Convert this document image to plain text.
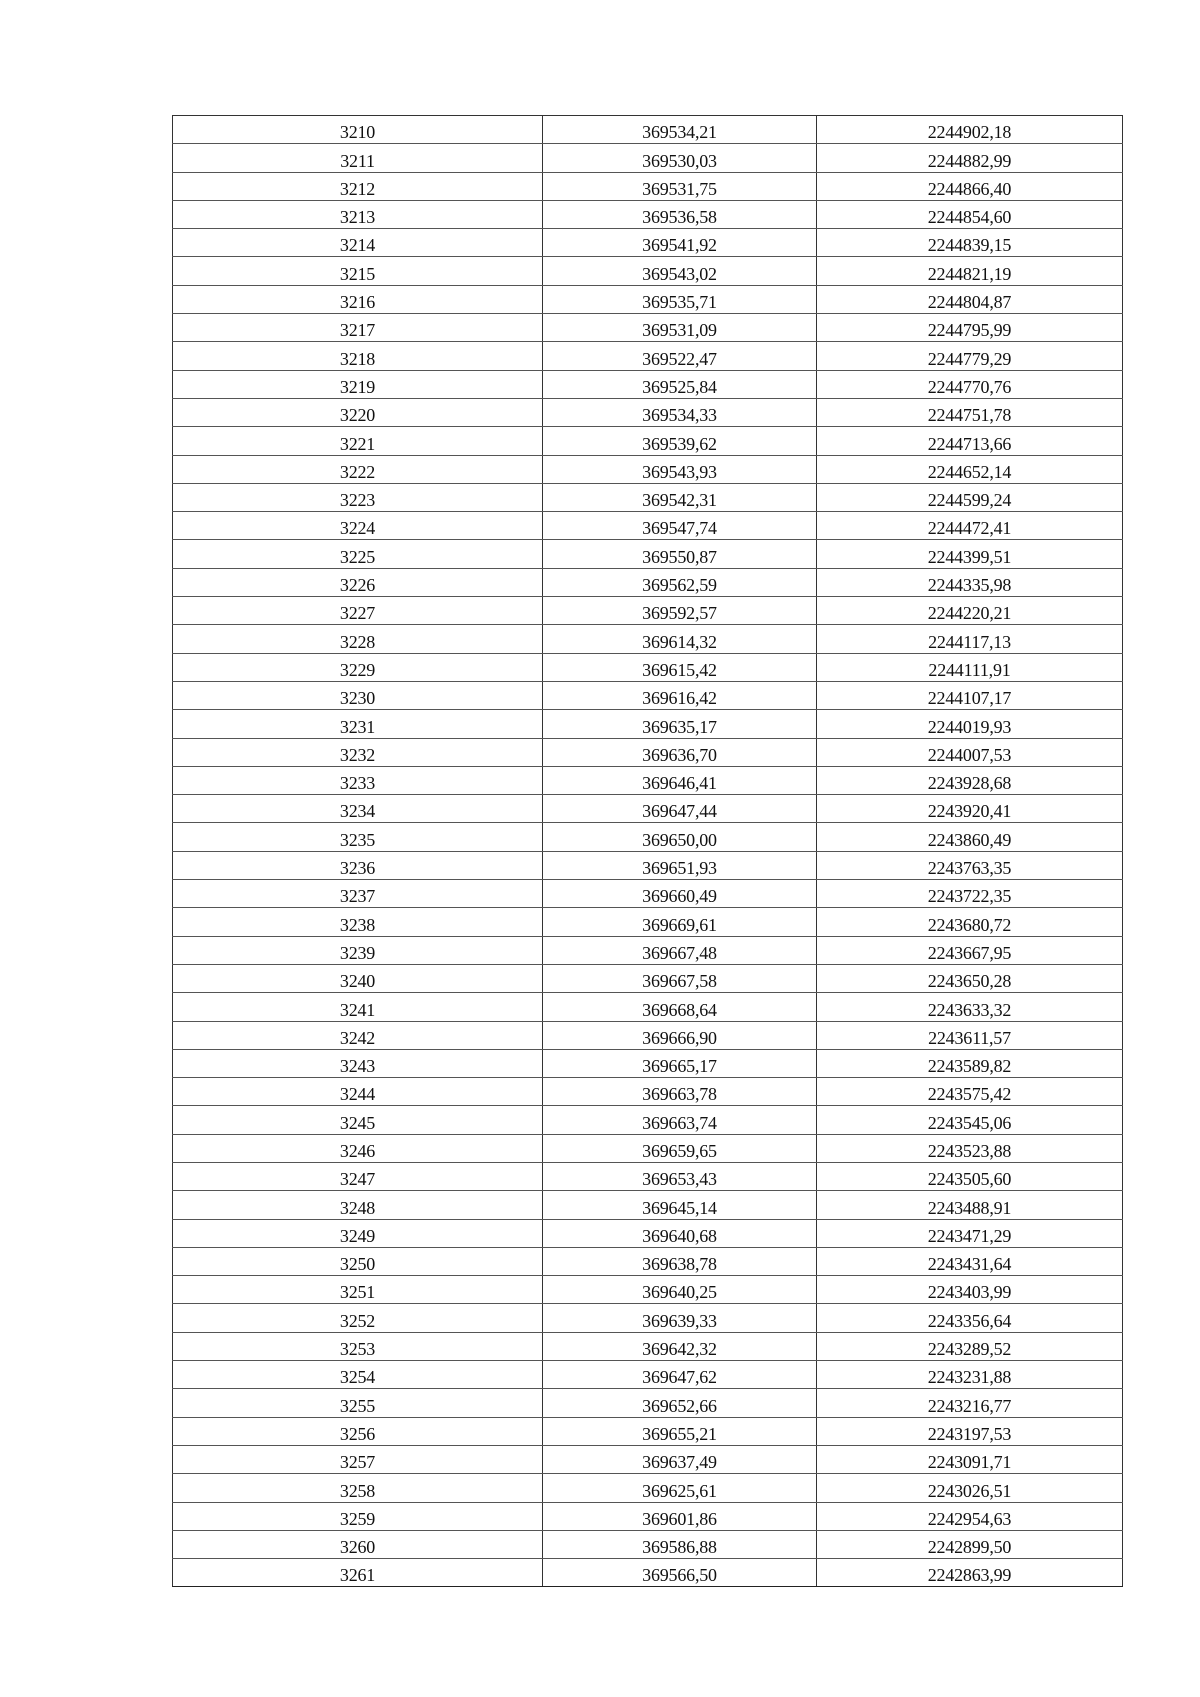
3210	369534,21	2244902,18
3211	369530,03	2244882,99
3212	369531,75	2244866,40
3213	369536,58	2244854,60
3214	369541,92	2244839,15
3215	369543,02	2244821,19
3216	369535,71	2244804,87
3217	369531,09	2244795,99
3218	369522,47	2244779,29
3219	369525,84	2244770,76
3220	369534,33	2244751,78
3221	369539,62	2244713,66
3222	369543,93	2244652,14
3223	369542,31	2244599,24
3224	369547,74	2244472,41
3225	369550,87	2244399,51
3226	369562,59	2244335,98
3227	369592,57	2244220,21
3228	369614,32	2244117,13
3229	369615,42	2244111,91
3230	369616,42	2244107,17
3231	369635,17	2244019,93
3232	369636,70	2244007,53
3233	369646,41	2243928,68
3234	369647,44	2243920,41
3235	369650,00	2243860,49
3236	369651,93	2243763,35
3237	369660,49	2243722,35
3238	369669,61	2243680,72
3239	369667,48	2243667,95
3240	369667,58	2243650,28
3241	369668,64	2243633,32
3242	369666,90	2243611,57
3243	369665,17	2243589,82
3244	369663,78	2243575,42
3245	369663,74	2243545,06
3246	369659,65	2243523,88
3247	369653,43	2243505,60
3248	369645,14	2243488,91
3249	369640,68	2243471,29
3250	369638,78	2243431,64
3251	369640,25	2243403,99
3252	369639,33	2243356,64
3253	369642,32	2243289,52
3254	369647,62	2243231,88
3255	369652,66	2243216,77
3256	369655,21	2243197,53
3257	369637,49	2243091,71
3258	369625,61	2243026,51
3259	369601,86	2242954,63
3260	369586,88	2242899,50
3261	369566,50	2242863,99
